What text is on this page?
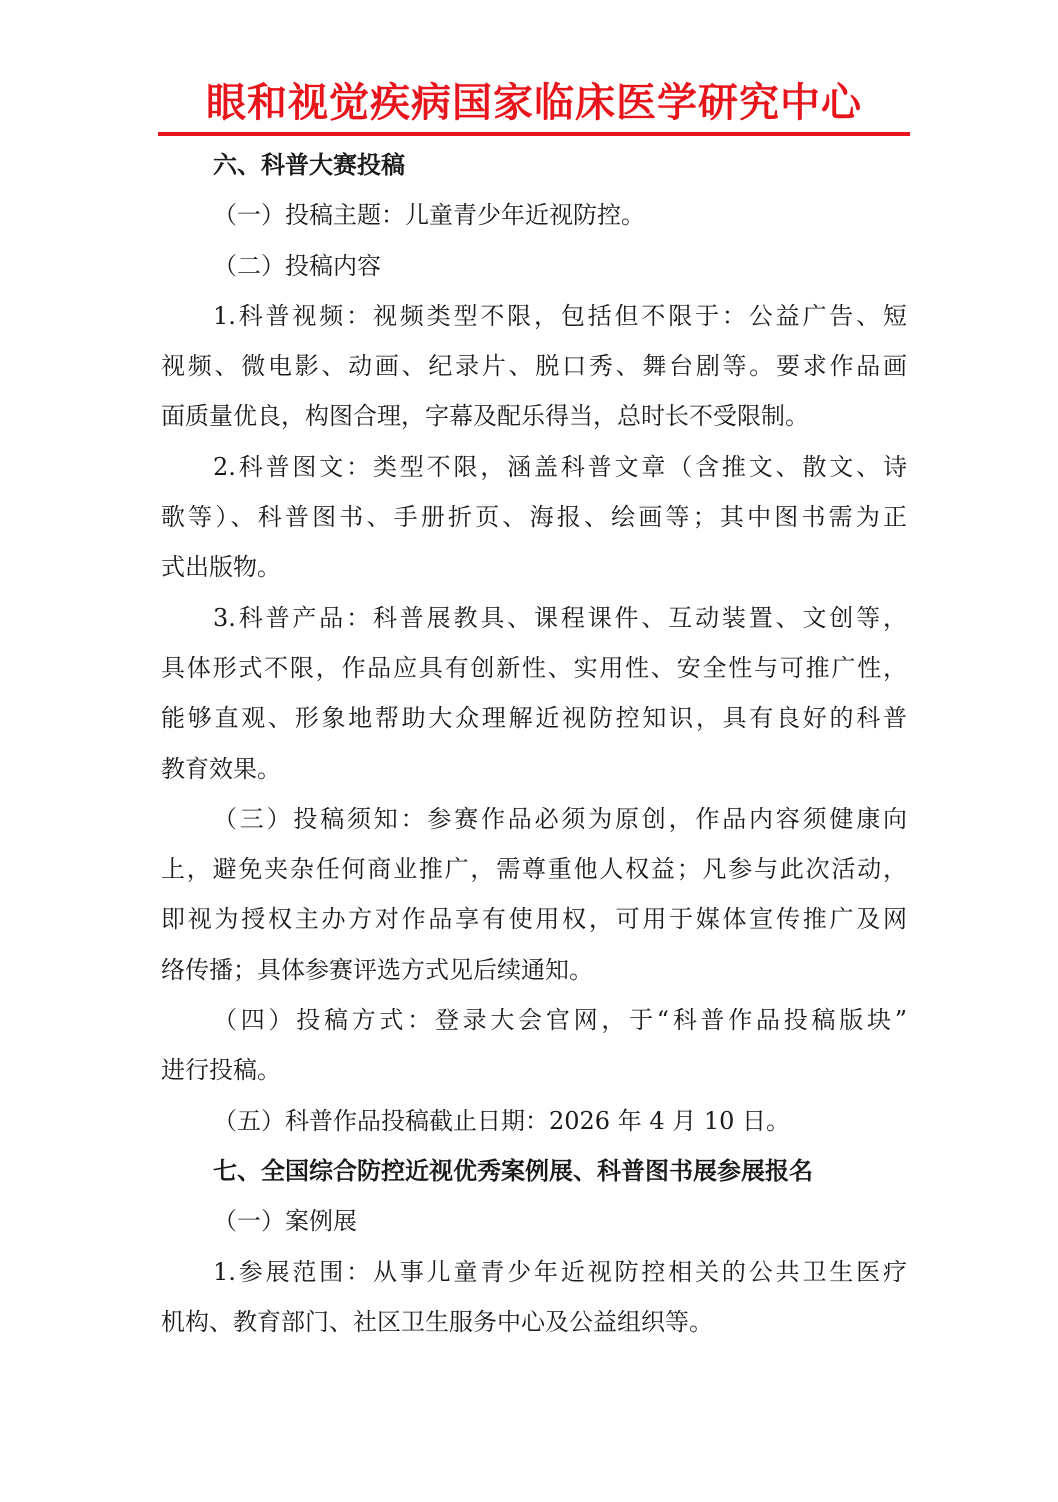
眼和视觉疾病国家临床医学研究中心
六、科普大赛投稿
（一）投稿主题：儿童青少年近视防控。
（二）投稿内容
1.科普视频：视频类型不限，包括但不限于：公益广告、短
视频、微电影、动画、纪录片、脱口秀、舞台剧等。要求作品画
面质量优良，构图合理，字幕及配乐得当，总时长不受限制。
2.科普图文：类型不限，涵盖科普文章（含推文、散文、诗
歌等）、科普图书、手册折页、海报、绘画等；其中图书需为正
式出版物。
3.科普产品：科普展教具、课程课件、互动装置、文创等，
具体形式不限，作品应具有创新性、实用性、安全性与可推广性，
能够直观、形象地帮助大众理解近视防控知识，具有良好的科普
教育效果。
（三）投稿须知：参赛作品必须为原创，作品内容须健康向
上，避免夹杂任何商业推广，需尊重他人权益；凡参与此次活动，
即视为授权主办方对作品享有使用权，可用于媒体宣传推广及网
络传播；具体参赛评选方式见后续通知。
（四）投稿方式：登录大会官网，于“科普作品投稿版块”
进行投稿。
（五）科普作品投稿截止日期：2026 年 4 月 10 日。
七、全国综合防控近视优秀案例展、科普图书展参展报名
（一）案例展
1.参展范围：从事儿童青少年近视防控相关的公共卫生医疗
机构、教育部门、社区卫生服务中心及公益组织等。
